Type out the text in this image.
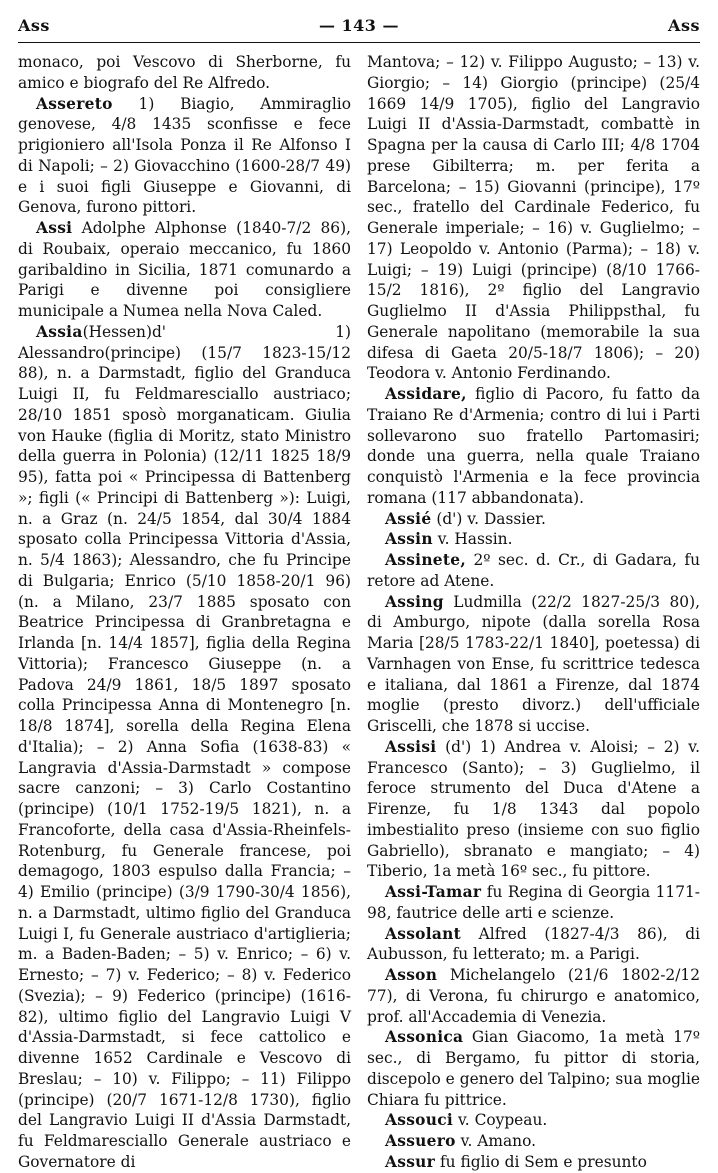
Ass	— 143 —	Ass

monaco, poi Vescovo di Sherborne, fu amico e biografo del Re Alfredo.

Assereto 1) Biagio, Ammiraglio genovese, 4/8 1435 sconfisse e fece prigioniero all'Isola Ponza il Re Alfonso I di Napoli; – 2) Giovacchino (1600-28/7 49) e i suoi figli Giuseppe e Giovanni, di Genova, furono pittori.

Assi Adolphe Alphonse (1840-7/2 86), di Roubaix, operaio meccanico, fu 1860 garibaldino in Sicilia, 1871 comunardo a Parigi e divenne poi consigliere municipale a Numea nella Nova Caled.

Assia(Hessen)d' 1) Alessandro(principe) (15/7 1823-15/12 88), n. a Darmstadt, figlio del Granduca Luigi II, fu Feldmaresciallo austriaco; 28/10 1851 sposò morganaticam. Giulia von Hauke (figlia di Moritz, stato Ministro della guerra in Polonia) (12/11 1825 18/9 95), fatta poi « Principessa di Battenberg »; figli (« Principi di Battenberg »): Luigi, n. a Graz (n. 24/5 1854, dal 30/4 1884 sposato colla Principessa Vittoria d'Assia, n. 5/4 1863); Alessandro, che fu Principe di Bulgaria; Enrico (5/10 1858-20/1 96) (n. a Milano, 23/7 1885 sposato con Beatrice Principessa di Granbretagna e Irlanda [n. 14/4 1857], figlia della Regina Vittoria); Francesco Giuseppe (n. a Padova 24/9 1861, 18/5 1897 sposato colla Principessa Anna di Montenegro [n. 18/8 1874], sorella della Regina Elena d'Italia); – 2) Anna Sofia (1638-83) « Langravia d'Assia-Darmstadt » compose sacre canzoni; – 3) Carlo Costantino (principe) (10/1 1752-19/5 1821), n. a Francoforte, della casa d'Assia-Rheinfels-Rotenburg, fu Generale francese, poi demagogo, 1803 espulso dalla Francia; – 4) Emilio (principe) (3/9 1790-30/4 1856), n. a Darmstadt, ultimo figlio del Granduca Luigi I, fu Generale austriaco d'artiglieria; m. a Baden-Baden; – 5) v. Enrico; – 6) v. Ernesto; – 7) v. Federico; – 8) v. Federico (Svezia); – 9) Federico (principe) (1616-82), ultimo figlio del Langravio Luigi V d'Assia-Darmstadt, si fece cattolico e divenne 1652 Cardinale e Vescovo di Breslau; – 10) v. Filippo; – 11) Filippo (principe) (20/7 1671-12/8 1730), figlio del Langravio Luigi II d'Assia Darmstadt, fu Feldmaresciallo Generale austriaco e Governatore di

Mantova; – 12) v. Filippo Augusto; – 13) v. Giorgio; – 14) Giorgio (principe) (25/4 1669 14/9 1705), figlio del Langravio Luigi II d'Assia-Darmstadt, combattè in Spagna per la causa di Carlo III; 4/8 1704 prese Gibilterra; m. per ferita a Barcelona; – 15) Giovanni (principe), 17º sec., fratello del Cardinale Federico, fu Generale imperiale; – 16) v. Guglielmo; – 17) Leopoldo v. Antonio (Parma); – 18) v. Luigi; – 19) Luigi (principe) (8/10 1766-15/2 1816), 2º figlio del Langravio Guglielmo II d'Assia Philippsthal, fu Generale napolitano (memorabile la sua difesa di Gaeta 20/5-18/7 1806); – 20) Teodora v. Antonio Ferdinando.

Assidare, figlio di Pacoro, fu fatto da Traiano Re d'Armenia; contro di lui i Parti sollevarono suo fratello Partomasiri; donde una guerra, nella quale Traiano conquistò l'Armenia e la fece provincia romana (117 abbandonata).

Assié (d') v. Dassier.

Assin v. Hassin.

Assinete, 2º sec. d. Cr., di Gadara, fu retore ad Atene.

Assing Ludmilla (22/2 1827-25/3 80), di Amburgo, nipote (dalla sorella Rosa Maria [28/5 1783-22/1 1840], poetessa) di Varnhagen von Ense, fu scrittrice tedesca e italiana, dal 1861 a Firenze, dal 1874 moglie (presto divorz.) dell'ufficiale Griscelli, che 1878 si uccise.

Assisi (d') 1) Andrea v. Aloisi; – 2) v. Francesco (Santo); – 3) Guglielmo, il feroce strumento del Duca d'Atene a Firenze, fu 1/8 1343 dal popolo imbestialito preso (insieme con suo figlio Gabriello), sbranato e mangiato; – 4) Tiberio, 1a metà 16º sec., fu pittore.

Assi-Tamar fu Regina di Georgia 1171-98, fautrice delle arti e scienze.

Assolant Alfred (1827-4/3 86), di Aubusson, fu letterato; m. a Parigi.

Asson Michelangelo (21/6 1802-2/12 77), di Verona, fu chirurgo e anatomico, prof. all'Accademia di Venezia.

Assonica Gian Giacomo, 1a metà 17º sec., di Bergamo, fu pittor di storia, discepolo e genero del Talpino; sua moglie Chiara fu pittrice.

Assouci v. Coypeau.

Assuero v. Amano.

Assur fu figlio di Sem e presunto
